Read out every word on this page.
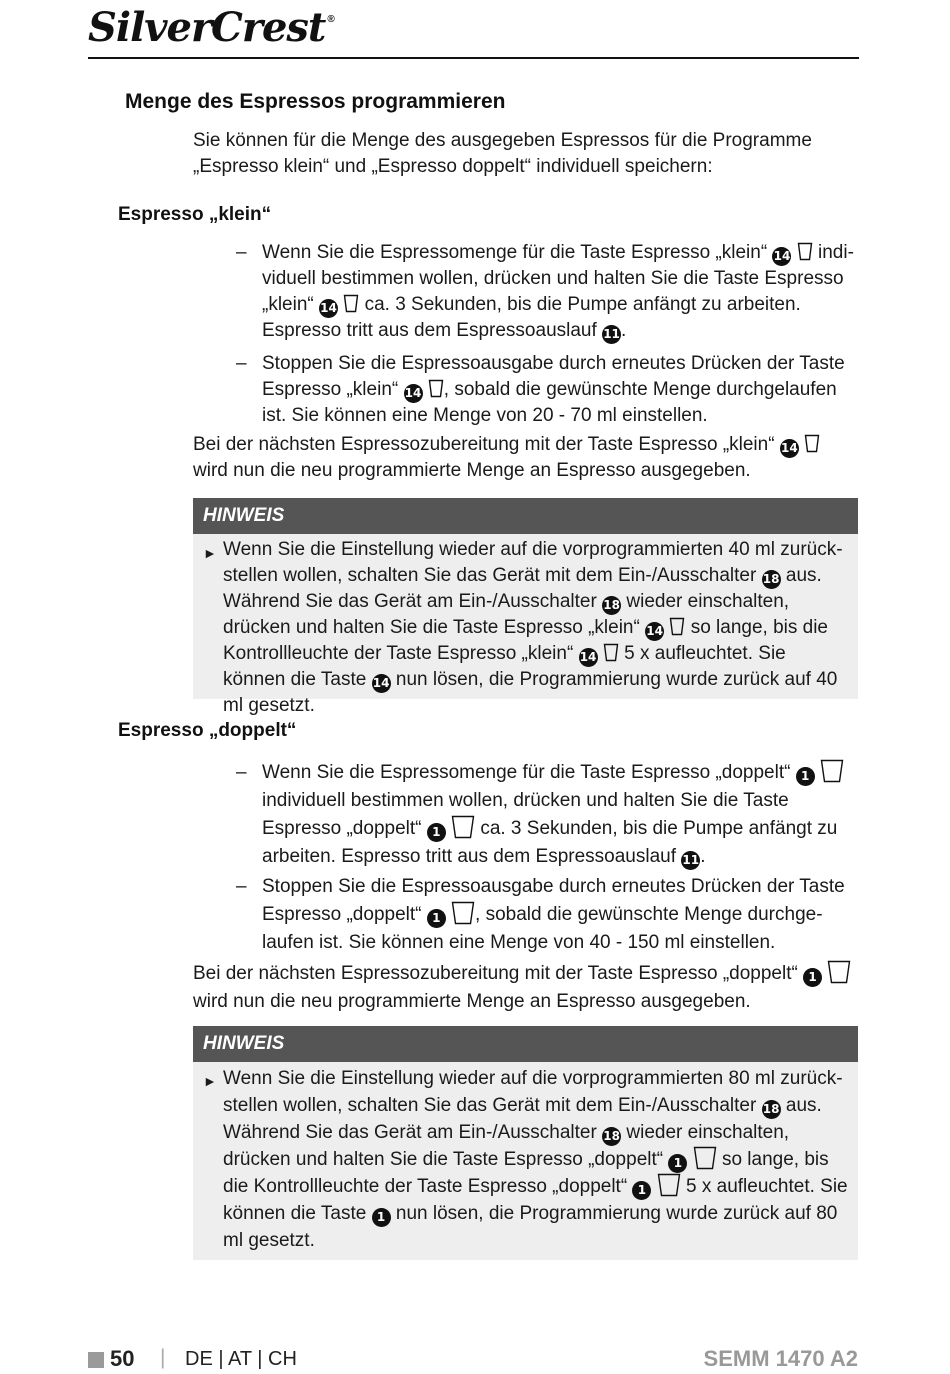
SilverCrest ®
Menge des Espressos programmieren
Sie können für die Menge des ausgegeben Espressos für die Programme „Espresso klein“ und „Espresso doppelt“ individuell speichern:
Espresso „klein“
– Wenn Sie die Espressomenge für die Taste Espresso „klein“ 14 individuell bestimmen wollen, drücken und halten Sie die Taste Espresso „klein“ 14 ca. 3 Sekunden, bis die Pumpe anfängt zu arbeiten. Espresso tritt aus dem Espressoauslauf 11.
– Stoppen Sie die Espressoausgabe durch erneutes Drücken der Taste Espresso „klein“ 14 , sobald die gewünschte Menge durchgelaufen ist. Sie können eine Menge von 20 - 70 ml einstellen.
Bei der nächsten Espressozubereitung mit der Taste Espresso „klein“ 14  wird nun die neu programmierte Menge an Espresso ausgegeben.
HINWEIS
► Wenn Sie die Einstellung wieder auf die vorprogrammierten 40 ml zurückstellen wollen, schalten Sie das Gerät mit dem Ein-/Ausschalter 18 aus. Während Sie das Gerät am Ein-/Ausschalter 18 wieder einschalten, drücken und halten Sie die Taste Espresso „klein“ 14 so lange, bis die Kontrollleuchte der Taste Espresso „klein“ 14 5 x aufleuchtet. Sie können die Taste 14 nun lösen, die Programmierung wurde zurück auf 40 ml gesetzt.
Espresso „doppelt“
– Wenn Sie die Espressomenge für die Taste Espresso „doppelt“ 1  individuell bestimmen wollen, drücken und halten Sie die Taste Espresso „doppelt“ 1 ca. 3 Sekunden, bis die Pumpe anfängt zu arbeiten. Espresso tritt aus dem Espressoauslauf 11.
– Stoppen Sie die Espressoausgabe durch erneutes Drücken der Taste Espresso „doppelt“ 1 , sobald die gewünschte Menge durchgelaufen ist. Sie können eine Menge von 40 - 150 ml einstellen.
Bei der nächsten Espressozubereitung mit der Taste Espresso „doppelt“ 1  wird nun die neu programmierte Menge an Espresso ausgegeben.
HINWEIS
► Wenn Sie die Einstellung wieder auf die vorprogrammierten 80 ml zurückstellen wollen, schalten Sie das Gerät mit dem Ein-/Ausschalter 18 aus. Während Sie das Gerät am Ein-/Ausschalter 18 wieder einschalten, drücken und halten Sie die Taste Espresso „doppelt“ 1 so lange, bis die Kontrollleuchte der Taste Espresso „doppelt“ 1 5 x aufleuchtet. Sie können die Taste 1 nun lösen, die Programmierung wurde zurück auf 80 ml gesetzt.
50 | DE | AT | CH	SEMM 1470 A2
